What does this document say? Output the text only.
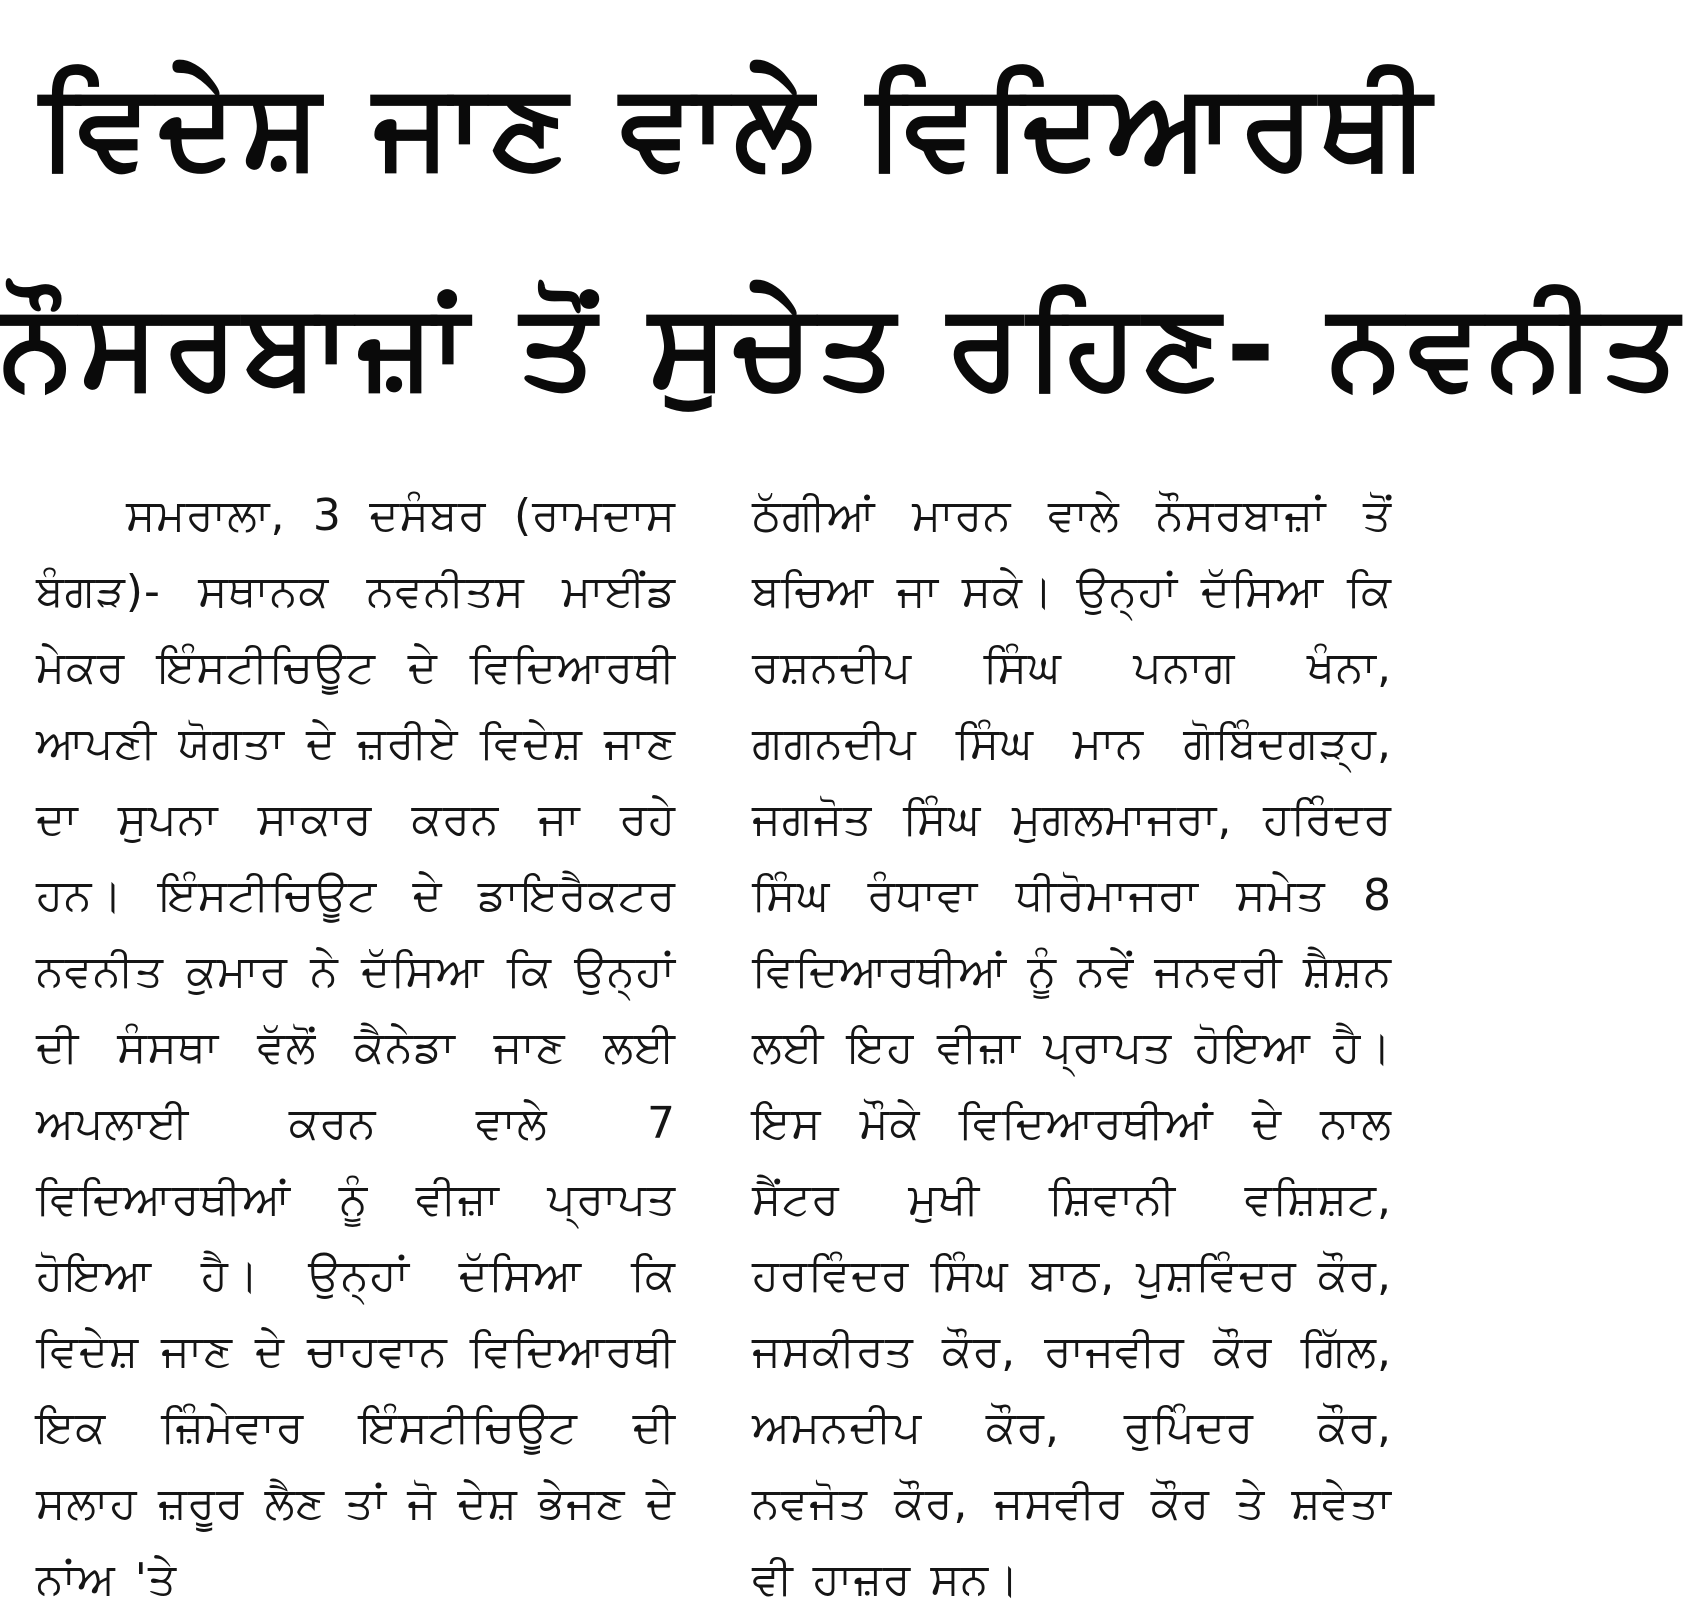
ਵਿਦੇਸ਼ ਜਾਣ ਵਾਲੇ ਵਿਦਿਆਰਥੀ
ਨੌਸਰਬਾਜ਼ਾਂ ਤੋਂ ਸੁਚੇਤ ਰਹਿਣ- ਨਵਨੀਤ

ਸਮਰਾਲਾ, 3 ਦਸੰਬਰ (ਰਾਮਦਾਸ ਬੰਗੜ)- ਸਥਾਨਕ ਨਵਨੀਤਸ ਮਾਈਂਡ ਮੇਕਰ ਇੰਸਟੀਚਿਊਟ ਦੇ ਵਿਦਿਆਰਥੀ ਆਪਣੀ ਯੋਗਤਾ ਦੇ ਜ਼ਰੀਏ ਵਿਦੇਸ਼ ਜਾਣ ਦਾ ਸੁਪਨਾ ਸਾਕਾਰ ਕਰਨ ਜਾ ਰਹੇ ਹਨ। ਇੰਸਟੀਚਿਊਟ ਦੇ ਡਾਇਰੈਕਟਰ ਨਵਨੀਤ ਕੁਮਾਰ ਨੇ ਦੱਸਿਆ ਕਿ ਉਨ੍ਹਾਂ ਦੀ ਸੰਸਥਾ ਵੱਲੋਂ ਕੈਨੇਡਾ ਜਾਣ ਲਈ ਅਪਲਾਈ ਕਰਨ ਵਾਲੇ 7 ਵਿਦਿਆਰਥੀਆਂ ਨੂੰ ਵੀਜ਼ਾ ਪ੍ਰਾਪਤ ਹੋਇਆ ਹੈ। ਉਨ੍ਹਾਂ ਦੱਸਿਆ ਕਿ ਵਿਦੇਸ਼ ਜਾਣ ਦੇ ਚਾਹਵਾਨ ਵਿਦਿਆਰਥੀ ਇਕ ਜ਼ਿੰਮੇਵਾਰ ਇੰਸਟੀਚਿਊਟ ਦੀ ਸਲਾਹ ਜ਼ਰੂਰ ਲੈਣ ਤਾਂ ਜੋ ਦੇਸ਼ ਭੇਜਣ ਦੇ ਨਾਂਅ 'ਤੇ

ਠੱਗੀਆਂ ਮਾਰਨ ਵਾਲੇ ਨੌਸਰਬਾਜ਼ਾਂ ਤੋਂ ਬਚਿਆ ਜਾ ਸਕੇ। ਉਨ੍ਹਾਂ ਦੱਸਿਆ ਕਿ ਰਸ਼ਨਦੀਪ ਸਿੰਘ ਪਨਾਗ ਖੰਨਾ, ਗਗਨਦੀਪ ਸਿੰਘ ਮਾਨ ਗੋਬਿੰਦਗੜ੍ਹ, ਜਗਜੋਤ ਸਿੰਘ ਮੁਗਲਮਾਜਰਾ, ਹਰਿੰਦਰ ਸਿੰਘ ਰੰਧਾਵਾ ਧੀਰੋਮਾਜਰਾ ਸਮੇਤ 8 ਵਿਦਿਆਰਥੀਆਂ ਨੂੰ ਨਵੇਂ ਜਨਵਰੀ ਸ਼ੈਸ਼ਨ ਲਈ ਇਹ ਵੀਜ਼ਾ ਪ੍ਰਾਪਤ ਹੋਇਆ ਹੈ। ਇਸ ਮੌਕੇ ਵਿਦਿਆਰਥੀਆਂ ਦੇ ਨਾਲ ਸੈਂਟਰ ਮੁਖੀ ਸ਼ਿਵਾਨੀ ਵਸ਼ਿਸ਼ਟ, ਹਰਵਿੰਦਰ ਸਿੰਘ ਬਾਠ, ਪੁਸ਼ਵਿੰਦਰ ਕੌਰ, ਜਸਕੀਰਤ ਕੌਰ, ਰਾਜਵੀਰ ਕੌਰ ਗਿੱਲ, ਅਮਨਦੀਪ ਕੌਰ, ਰੁਪਿੰਦਰ ਕੌਰ, ਨਵਜੋਤ ਕੌਰ, ਜਸਵੀਰ ਕੌਰ ਤੇ ਸ਼ਵੇਤਾ ਵੀ ਹਾਜ਼ਰ ਸਨ।
